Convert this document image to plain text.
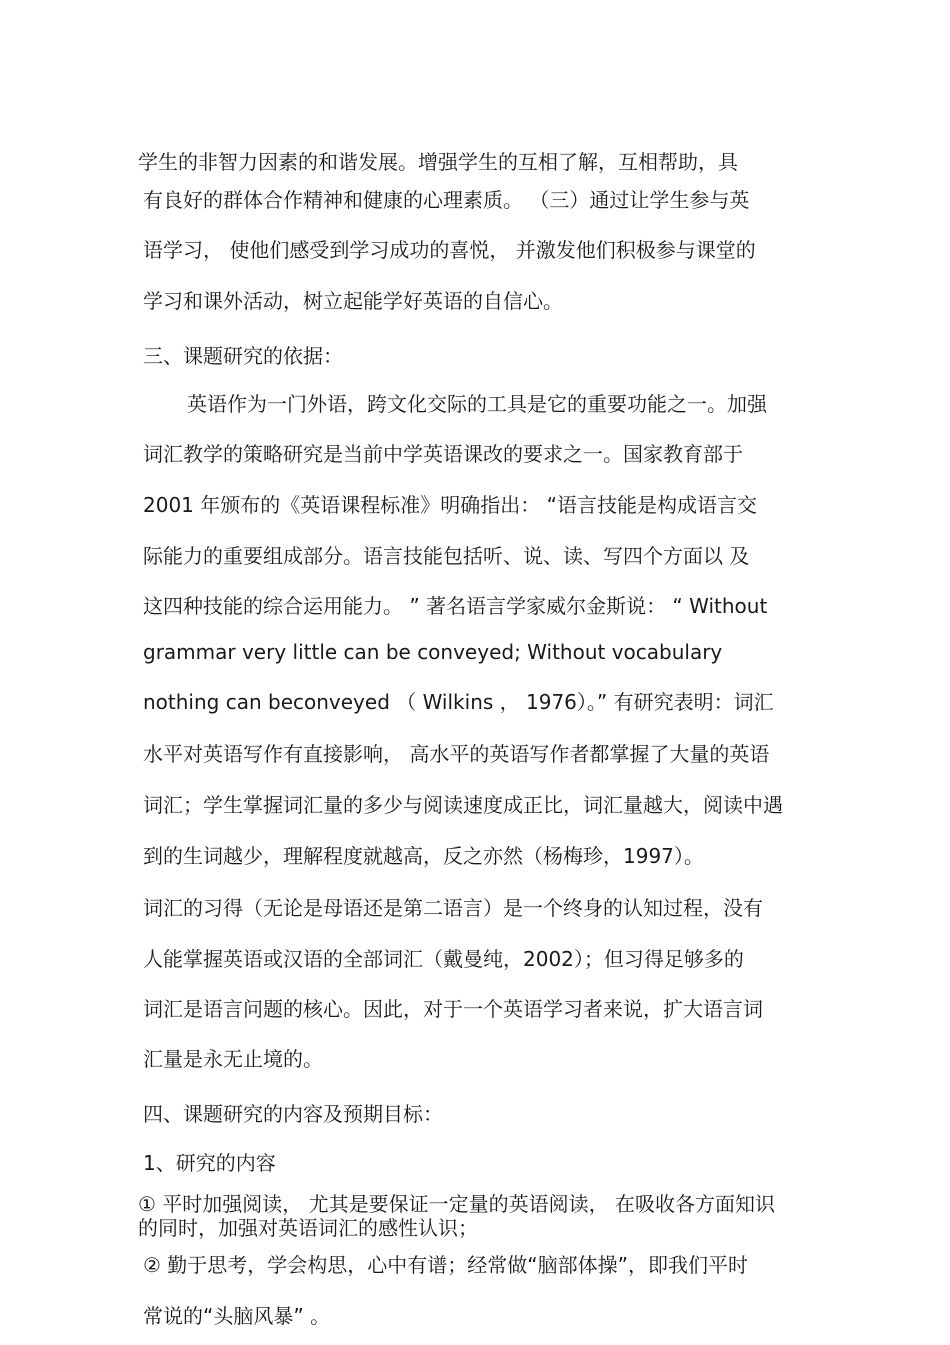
学生的非智力因素的和谐发展。增强学生的互相了解，互相帮助，具

有良好的群体合作精神和健康的心理素质。 （三）通过让学生参与英

语学习， 使他们感受到学习成功的喜悦， 并激发他们积极参与课堂的

学习和课外活动，树立起能学好英语的自信心。

三、课题研究的依据：

英语作为一门外语，跨文化交际的工具是它的重要功能之一。加强

词汇教学的策略研究是当前中学英语课改的要求之一。国家教育部于

2001 年颁布的《英语课程标准》明确指出： “语言技能是构成语言交

际能力的重要组成部分。语言技能包括听、说、读、写四个方面以 及

这四种技能的综合运用能力。 ” 著名语言学家威尔金斯说： “ Without

grammar very little can be conveyed; Without vocabulary

nothing can beconveyed （ Wilkins ， 1976）。” 有研究表明：词汇

水平对英语写作有直接影响， 高水平的英语写作者都掌握了大量的英语

词汇；学生掌握词汇量的多少与阅读速度成正比，词汇量越大，阅读中遇

到的生词越少，理解程度就越高，反之亦然（杨梅珍，1997）。

词汇的习得（无论是母语还是第二语言）是一个终身的认知过程，没有

人能掌握英语或汉语的全部词汇（戴曼纯，2002）；但习得足够多的

词汇是语言问题的核心。因此，对于一个英语学习者来说，扩大语言词

汇量是永无止境的。

四、课题研究的内容及预期目标：

1、研究的内容

① 平时加强阅读， 尤其是要保证一定量的英语阅读， 在吸收各方面知识

的同时，加强对英语词汇的感性认识；

② 勤于思考，学会构思，心中有谱；经常做“脑部体操”，即我们平时

常说的“头脑风暴” 。
